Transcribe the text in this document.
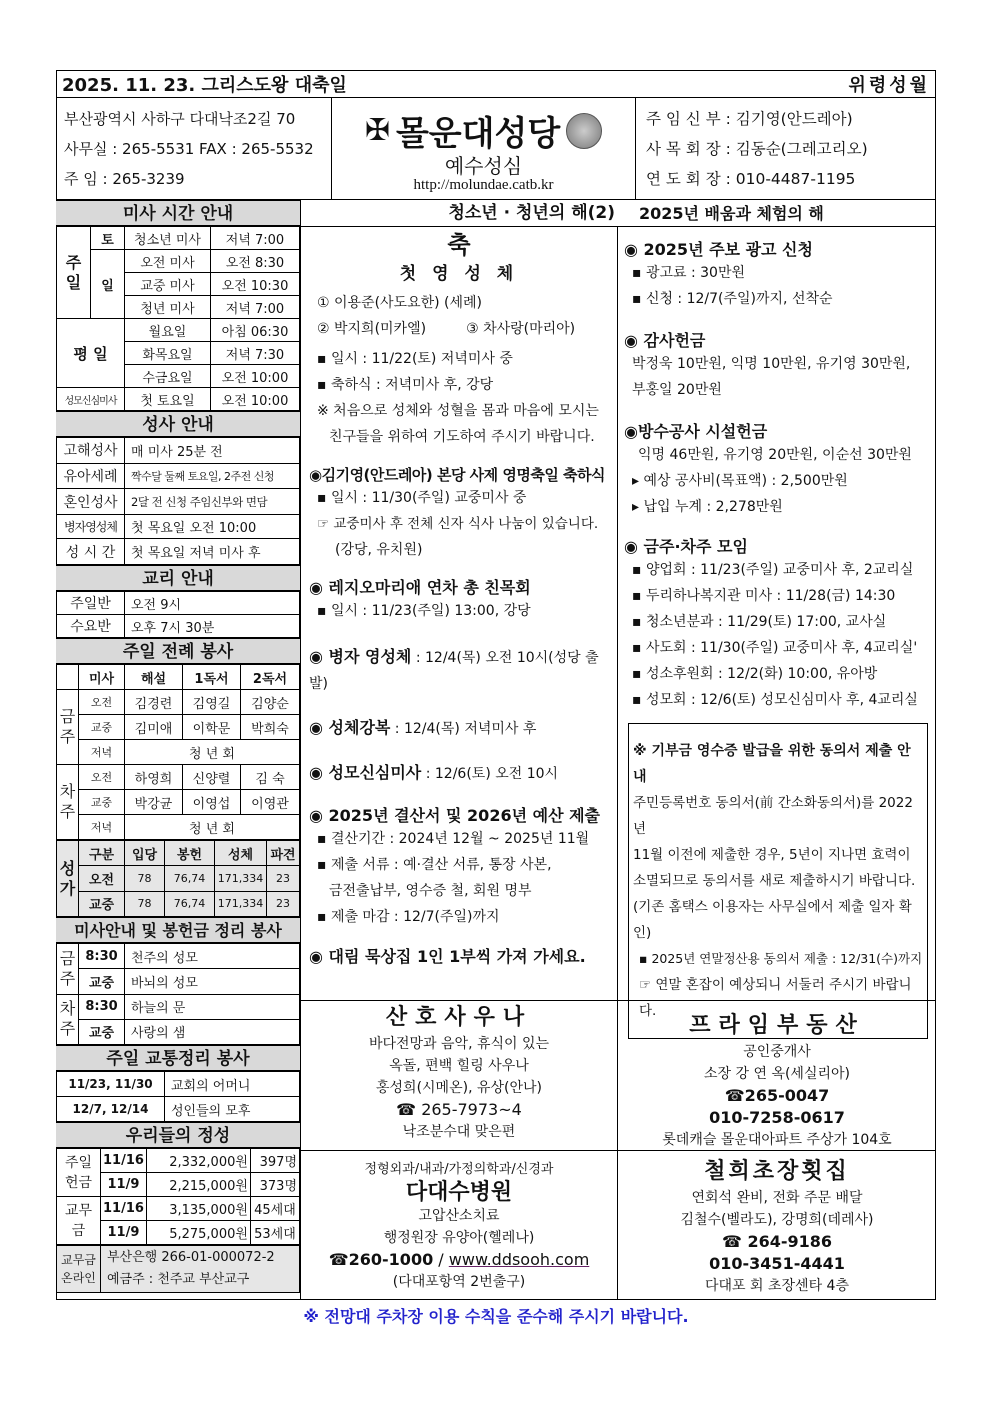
2025. 11. 23. 그리스도왕 대축일	위령성월
부산광역시 사하구 다대낙조2길 70
사무실 : 265-5531 FAX : 265-5532
주 임 : 265-3239
✠ 몰운대성당
예수성심
http://molundae.catb.kr
주 임 신 부 : 김기영(안드레아)
사 목 회 장 : 김동순(그레고리오)
연 도 회 장 : 010-4487-1195
미사 시간 안내
주일	토	청소년 미사	저녁 7:00
	일	오전 미사	오전 8:30
		교중 미사	오전 10:30
		청년 미사	저녁 7:00
평 일		월요일	아침 06:30
		화목요일	저녁 7:30
		수금요일	오전 10:00
성모신심미사		첫 토요일	오전 10:00
성사 안내
고해성사	매 미사 25분 전
유아세례	짝수달 둘째 토요일, 2주전 신청
혼인성사	2달 전 신청 주임신부와 면담
병자영성체	첫 목요일 오전 10:00
성 시 간	첫 목요일 저녁 미사 후
교리 안내
주일반	오전 9시
수요반	오후 7시 30분
주일 전례 봉사
	미사	해설	1독서	2독서
금주	오전	김경련	김영길	김양순
	교중	김미애	이학문	박희숙
	저녁	청 년 회		
차주	오전	하영희	신양렬	김 숙
	교중	박강균	이영섭	이영관
	저녁	청 년 회		
성가	구분	입당	봉헌	성체	파견
	오전	78	76,74	171,334	23
	교중	78	76,74	171,334	23
미사안내 및 봉헌금 정리 봉사
금주	8:30	천주의 성모
	교중	바뇌의 성모
차주	8:30	하늘의 문
	교중	사랑의 샘
주일 교통정리 봉사
11/23, 11/30	교회의 어머니
12/7, 12/14	성인들의 모후
우리들의 정성
주일 헌금	11/16	2,332,000원	397명
	11/9	2,215,000원	373명
교무금	11/16	3,135,000원	45세대
	11/9	5,275,000원	53세대
교무금 온라인	
부산은행 266-01-000072-2
예금주 : 천주교 부산교구
청소년 · 청년의 해(2)	2025년 배움과 체험의 해
축
첫 영 성 체
① 이용준(사도요한) (세례)
② 박지희(미카엘)	③ 차사랑(마리아)
▪ 일시 : 11/22(토) 저녁미사 중
▪ 축하식 : 저녁미사 후, 강당
※ 처음으로 성체와 성혈을 몸과 마음에 모시는
친구들을 위하여 기도하여 주시기 바랍니다.
◉김기영(안드레아) 본당 사제 영명축일 축하식
▪ 일시 : 11/30(주일) 교중미사 중
☞ 교중미사 후 전체 신자 식사 나눔이 있습니다.
(강당, 유치원)
◉ 레지오마리애 연차 총 친목회
▪ 일시 : 11/23(주일) 13:00, 강당
◉ 병자 영성체 : 12/4(목) 오전 10시(성당 출발)
◉ 성체강복 : 12/4(목) 저녁미사 후
◉ 성모신심미사 : 12/6(토) 오전 10시
◉ 2025년 결산서 및 2026년 예산 제출
▪ 결산기간 : 2024년 12월 ~ 2025년 11월
▪ 제출 서류 : 예·결산 서류, 통장 사본,
금전출납부, 영수증 철, 회원 명부
▪ 제출 마감 : 12/7(주일)까지
◉ 대림 묵상집 1인 1부씩 가져 가세요.
◉ 2025년 주보 광고 신청
▪ 광고료 : 30만원
▪ 신청 : 12/7(주일)까지, 선착순
◉ 감사헌금
박정욱 10만원, 익명 10만원, 유기영 30만원,
부홍일 20만원
◉방수공사 시설헌금
익명 46만원, 유기영 20만원, 이순선 30만원
▸ 예상 공사비(목표액) : 2,500만원
▸ 납입 누계 : 2,278만원
◉ 금주·차주 모임
▪ 양업회 : 11/23(주일) 교중미사 후, 2교리실
▪ 두리하나복지관 미사 : 11/28(금) 14:30
▪ 청소년분과 : 11/29(토) 17:00, 교사실
▪ 사도회 : 11/30(주일) 교중미사 후, 4교리실'
▪ 성소후원회 : 12/2(화) 10:00, 유아방
▪ 성모회 : 12/6(토) 성모신심미사 후, 4교리실
※ 기부금 영수증 발급을 위한 동의서 제출 안내
주민등록번호 동의서(前 간소화동의서)를 2022년
11월 이전에 제출한 경우, 5년이 지나면 효력이
소멸되므로 동의서를 새로 제출하시기 바랍니다.
(기존 홈택스 이용자는 사무실에서 제출 일자 확인)
▪ 2025년 연말정산용 동의서 제출 : 12/31(수)까지
☞ 연말 혼잡이 예상되니 서둘러 주시기 바랍니다.
산호사우나
바다전망과 음악, 휴식이 있는
옥돌, 편백 힐링 사우나
홍성희(시메온), 유상(안나)
☎ 265-7973~4
낙조분수대 맞은편
프라임부동산
공인중개사
소장 강 연 옥(세실리아)
☎265-0047
010-7258-0617
롯데캐슬 몰운대아파트 주상가 104호
정형외과/내과/가정의학과/신경과
다대수병원
고압산소치료
행정원장 유양아(헬레나)
☎260-1000 / www.ddsooh.com
(다대포항역 2번출구)
철희초장횟집
연회석 완비, 전화 주문 배달
김철수(벨라도), 강명희(데레사)
☎ 264-9186
010-3451-4441
다대포 회 초장센타 4층
※ 전망대 주차장 이용 수칙을 준수해 주시기 바랍니다.
